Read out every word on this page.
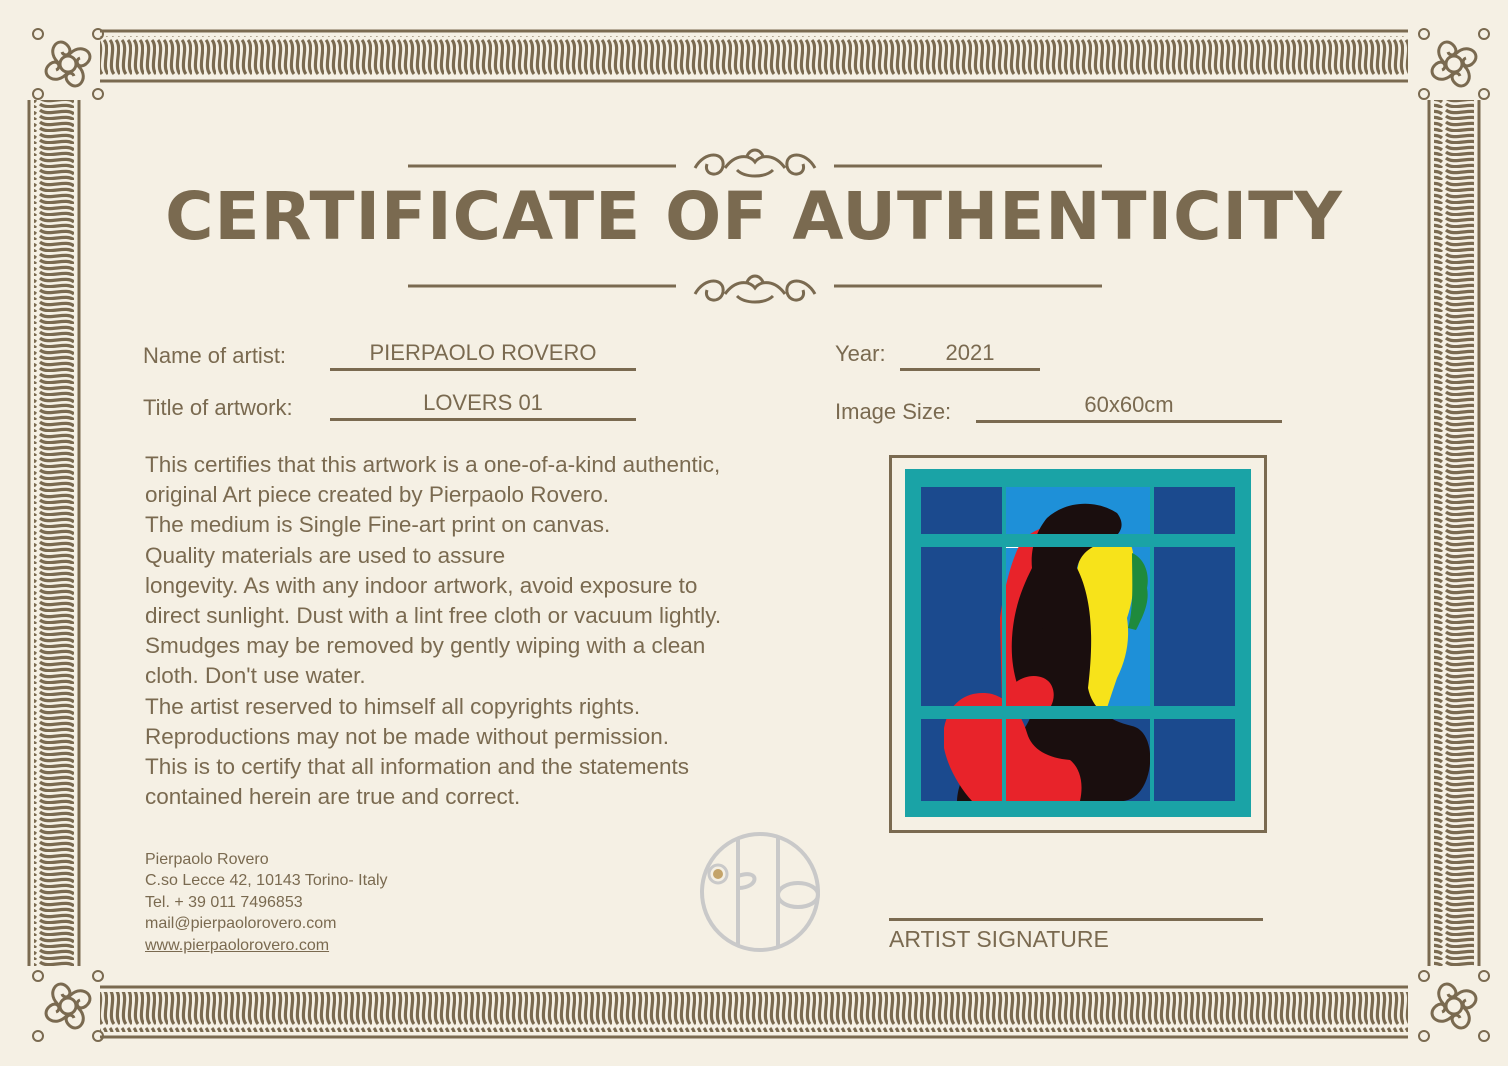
CERTIFICATE OF AUTHENTICITY
Name of artist:	PIERPAOLO ROVERO
Title of artwork:	LOVERS 01
Year:	2021
Image Size:	60x60cm
This certifies that this artwork is a one-of-a-kind authentic,
original Art piece created by Pierpaolo Rovero.
The medium is Single Fine-art print on canvas.
Quality materials are used to assure
longevity. As with any indoor artwork, avoid exposure to
direct sunlight. Dust with a lint free cloth or vacuum lightly.
Smudges may be removed by gently wiping with a clean
cloth. Don't use water.
The artist reserved to himself all copyrights rights.
Reproductions may not be made without permission.
This is to certify that all information and the statements
contained herein are true and correct.
Pierpaolo Rovero
C.so Lecce 42, 10143 Torino- Italy
Tel. + 39 011 7496853
mail@pierpaolorovero.com
www.pierpaolorovero.com	ARTIST SIGNATURE
